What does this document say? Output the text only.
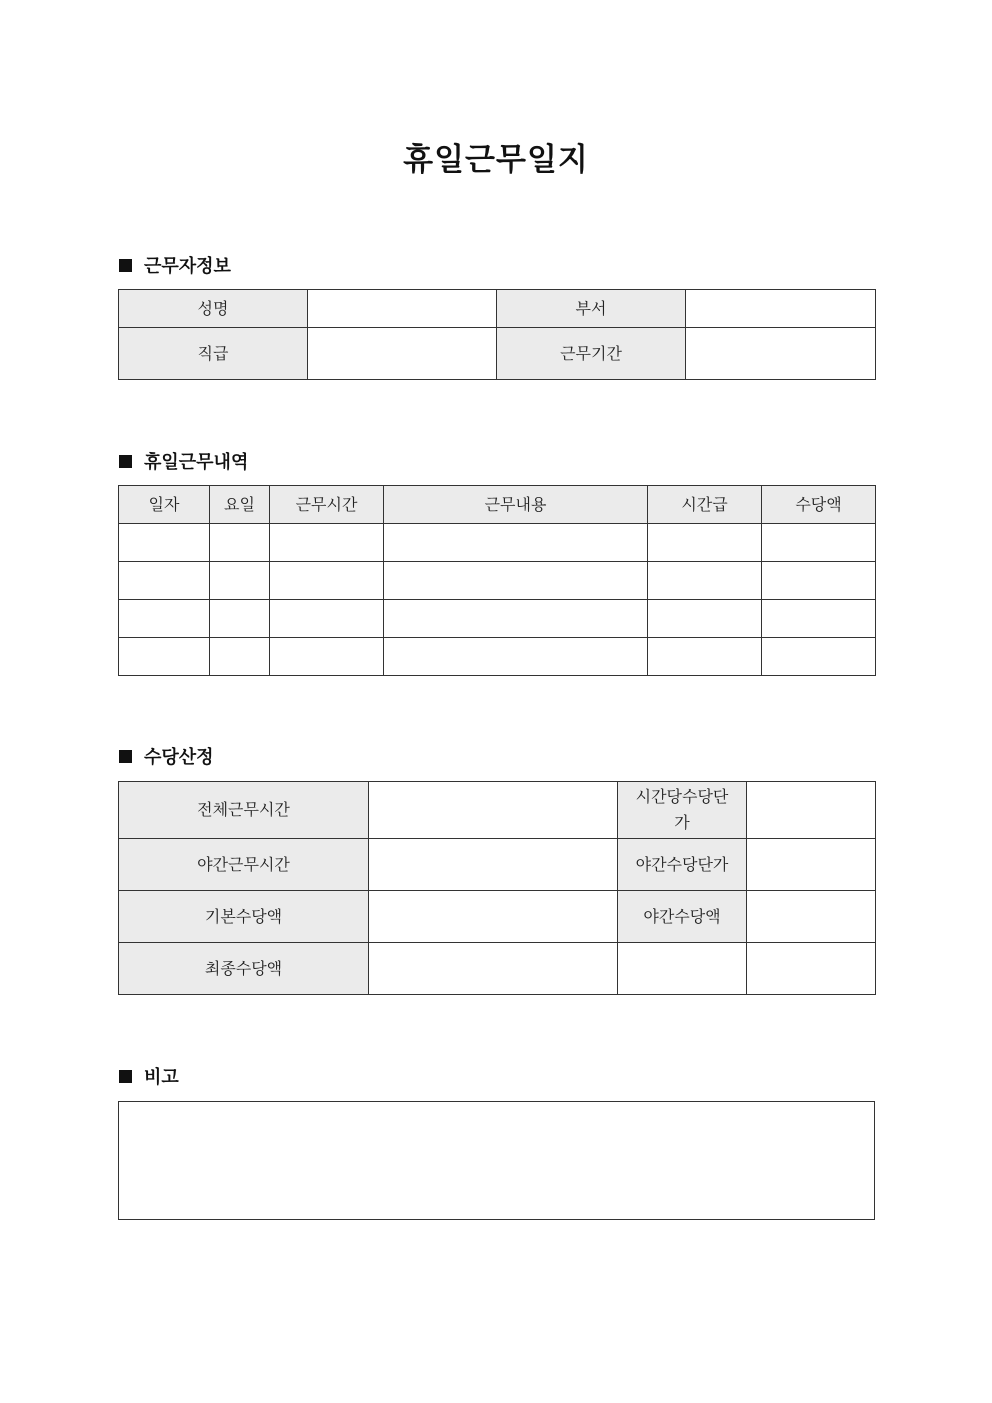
휴일근무일지
근무자정보
성명		부서	
직급		근무기간	
휴일근무내역
일자	요일	근무시간	근무내용	시간급	수당액

수당산정
전체근무시간		시간당수당단가	
야간근무시간		야간수당단가	
기본수당액		야간수당액	
최종수당액			
비고
